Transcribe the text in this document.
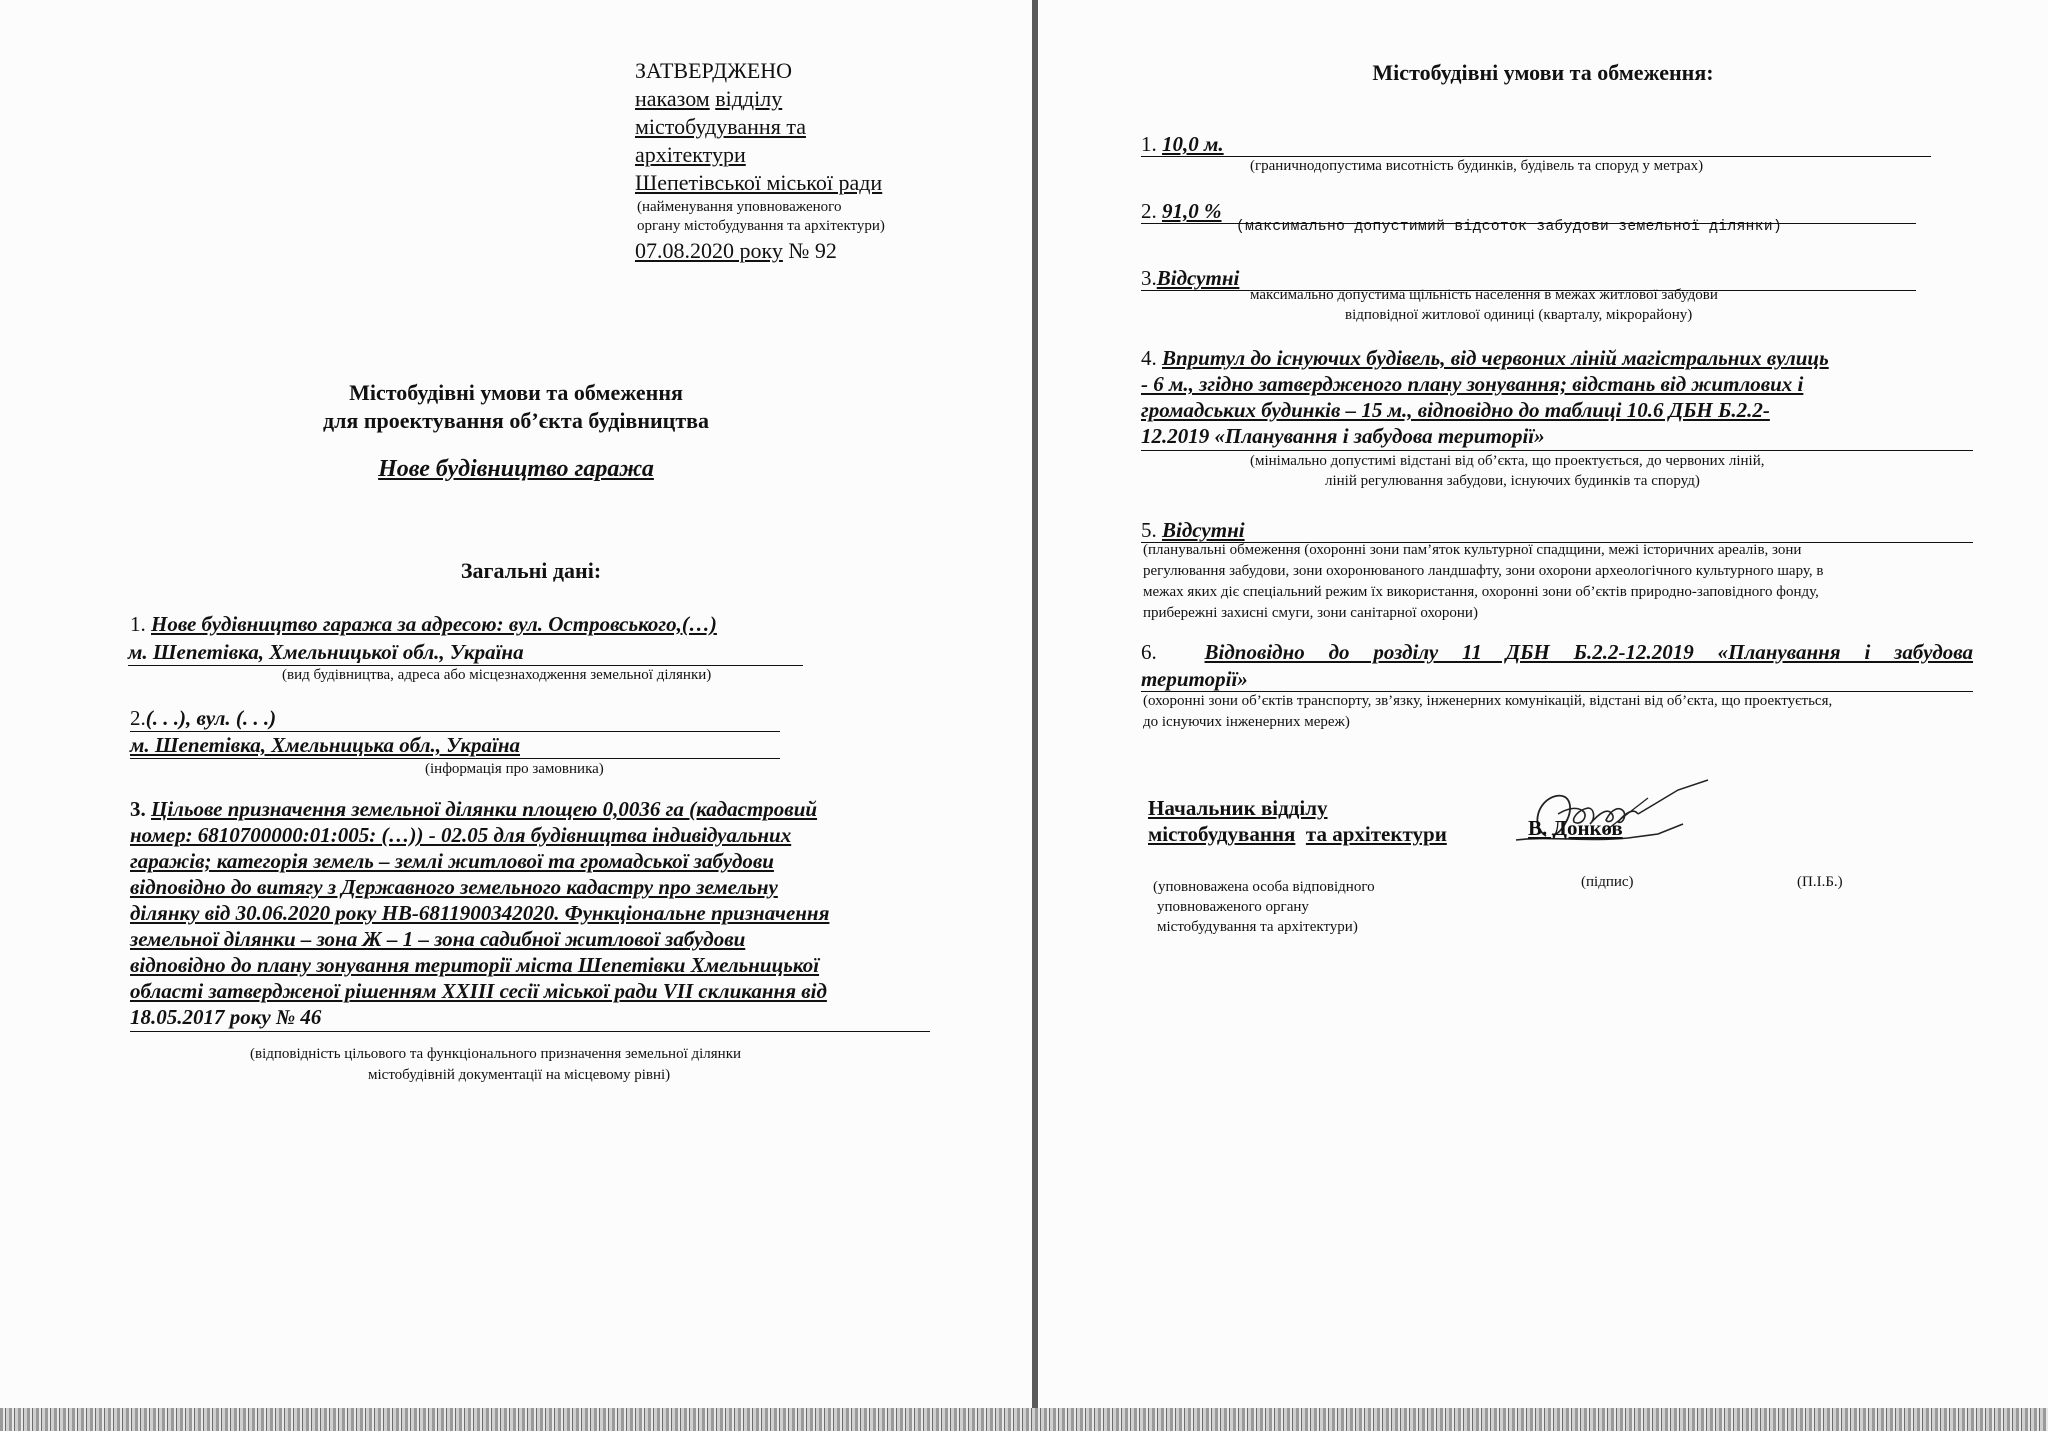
ЗАТВЕРДЖЕНО
наказом відділу
містобудування та
архітектури
Шепетівської міської ради
(найменування уповноваженого
органу містобудування та архітектури)
07.08.2020 року № 92
Містобудівні умови та обмеження
для проектування об’єкта будівництва
Нове будівництво гаража
Загальні дані:
1. Нове будівництво гаража за адресою: вул. Островського,(…)
м. Шепетівка, Хмельницької обл., Україна
(вид будівництва, адреса або місцезнаходження земельної ділянки)
2.(. . .), вул. (. . .)
м. Шепетівка, Хмельницька обл., Україна
(інформація про замовника)
3. Цільове призначення земельної ділянки площею 0,0036 га (кадастровий
номер: 6810700000:01:005: (…)) - 02.05 для будівництва індивідуальних
гаражів; категорія земель – землі житлової та громадської забудови
відповідно до витягу з Державного земельного кадастру про земельну
ділянку від 30.06.2020 року НВ-6811900342020. Функціональне призначення
земельної ділянки – зона Ж – 1 – зона садибної житлової забудови
відповідно до плану зонування території міста Шепетівки Хмельницької
області затвердженої рішенням ХХІІІ сесії міської ради VІІ скликання від
18.05.2017 року № 46
(відповідність цільового та функціонального призначення земельної ділянки
містобудівній документації на місцевому рівні)
Містобудівні умови та обмеження:
1. 10,0 м.
(граничнодопустима висотність будинків, будівель та споруд у метрах)
2. 91,0 %
(максимально допустимий відсоток забудови земельної ділянки)
3.Відсутні
максимально допустима щільність населення в межах житлової забудови
відповідної житлової одиниці (кварталу, мікрорайону)
4. Впритул до існуючих будівель, від червоних ліній магістральних вулиць
- 6 м., згідно затвердженого плану зонування; відстань від житлових і
громадських будинків – 15 м., відповідно до таблиці 10.6 ДБН Б.2.2-
12.2019 «Планування і забудова території»
(мінімально допустимі відстані від об’єкта, що проектується, до червоних ліній,
ліній регулювання забудови, існуючих будинків та споруд)
5. Відсутні
(планувальні обмеження (охоронні зони пам’яток культурної спадщини, межі історичних ареалів, зони
регулювання забудови, зони охоронюваного ландшафту, зони охорони археологічного культурного шару, в
межах яких діє спеціальний режим їх використання, охоронні зони об’єктів природно-заповідного фонду,
прибережні захисні смуги, зони санітарної охорони)
6. Відповідно до розділу 11 ДБН Б.2.2-12.2019 «Планування і забудова
території»
(охоронні зони об’єктів транспорту, зв’язку, інженерних комунікацій, відстані від об’єкта, що проектується,
до існуючих інженерних мереж)
Начальник відділу
містобудування та архітектури	В. Донков
(уповноважена особа відповідного
уповноваженого органу
містобудування та архітектури)
(підпис)	(П.І.Б.)
